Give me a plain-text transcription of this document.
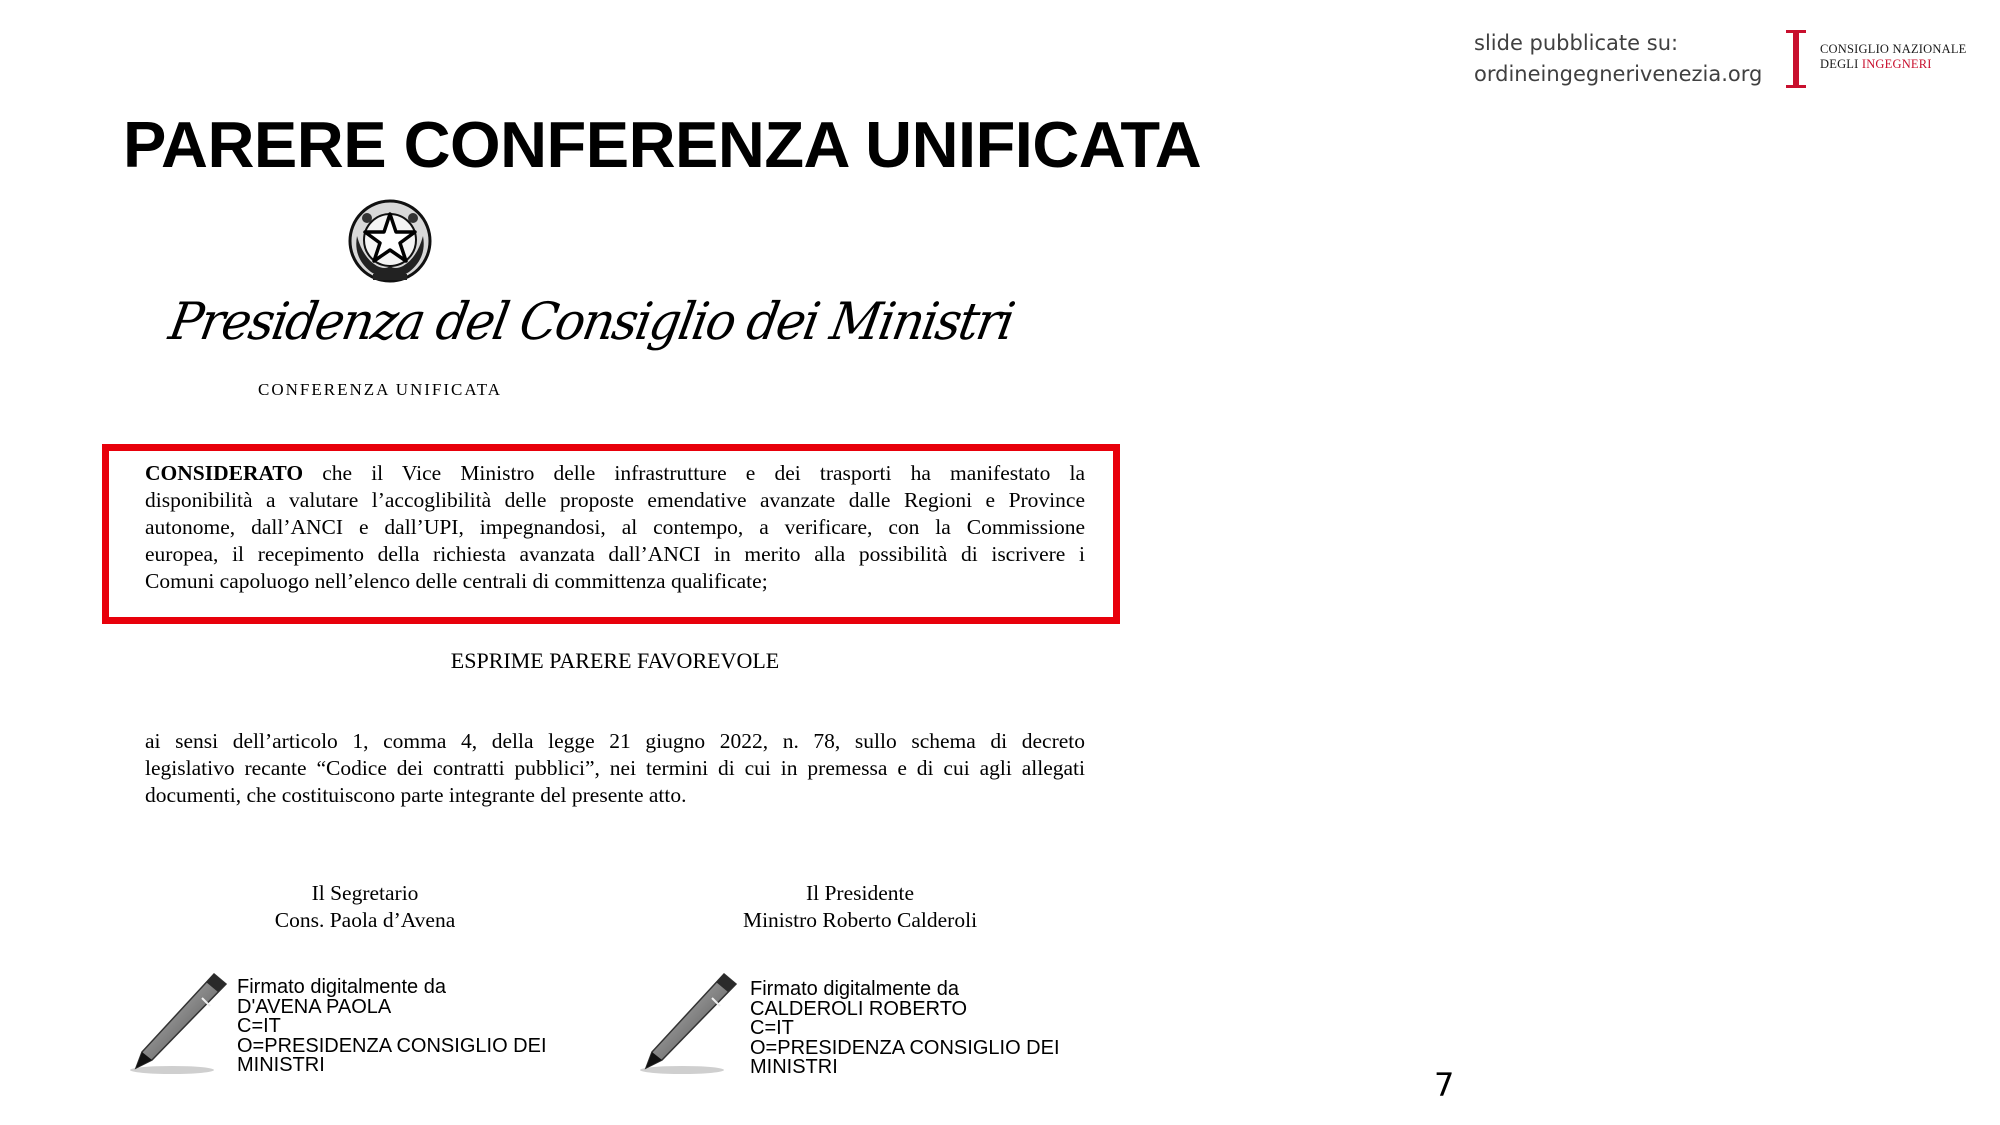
slide pubblicate su:
ordineingegnerivenezia.org
CONSIGLIO NAZIONALE
DEGLI INGEGNERI
PARERE CONFERENZA UNIFICATA
Presidenza del Consiglio dei Ministri
CONFERENZA UNIFICATA
CONSIDERATO che il Vice Ministro delle infrastrutture e dei trasporti ha manifestato la
disponibilità a valutare l’accoglibilità delle proposte emendative avanzate dalle Regioni e Province
autonome, dall’ANCI e dall’UPI, impegnandosi, al contempo, a verificare, con la Commissione
europea, il recepimento della richiesta avanzata dall’ANCI in merito alla possibilità di iscrivere i
Comuni capoluogo nell’elenco delle centrali di committenza qualificate;
ESPRIME PARERE FAVOREVOLE
ai sensi dell’articolo 1, comma 4, della legge 21 giugno 2022, n. 78, sullo schema di decreto
legislativo recante “Codice dei contratti pubblici”, nei termini di cui in premessa e di cui agli allegati
documenti, che costituiscono parte integrante del presente atto.
Il Segretario
Cons. Paola d’Avena
Il Presidente
Ministro Roberto Calderoli
Firmato digitalmente da
D'AVENA PAOLA
C=IT
O=PRESIDENZA CONSIGLIO DEI
MINISTRI
Firmato digitalmente da
CALDEROLI ROBERTO
C=IT
O=PRESIDENZA CONSIGLIO DEI
MINISTRI	7
